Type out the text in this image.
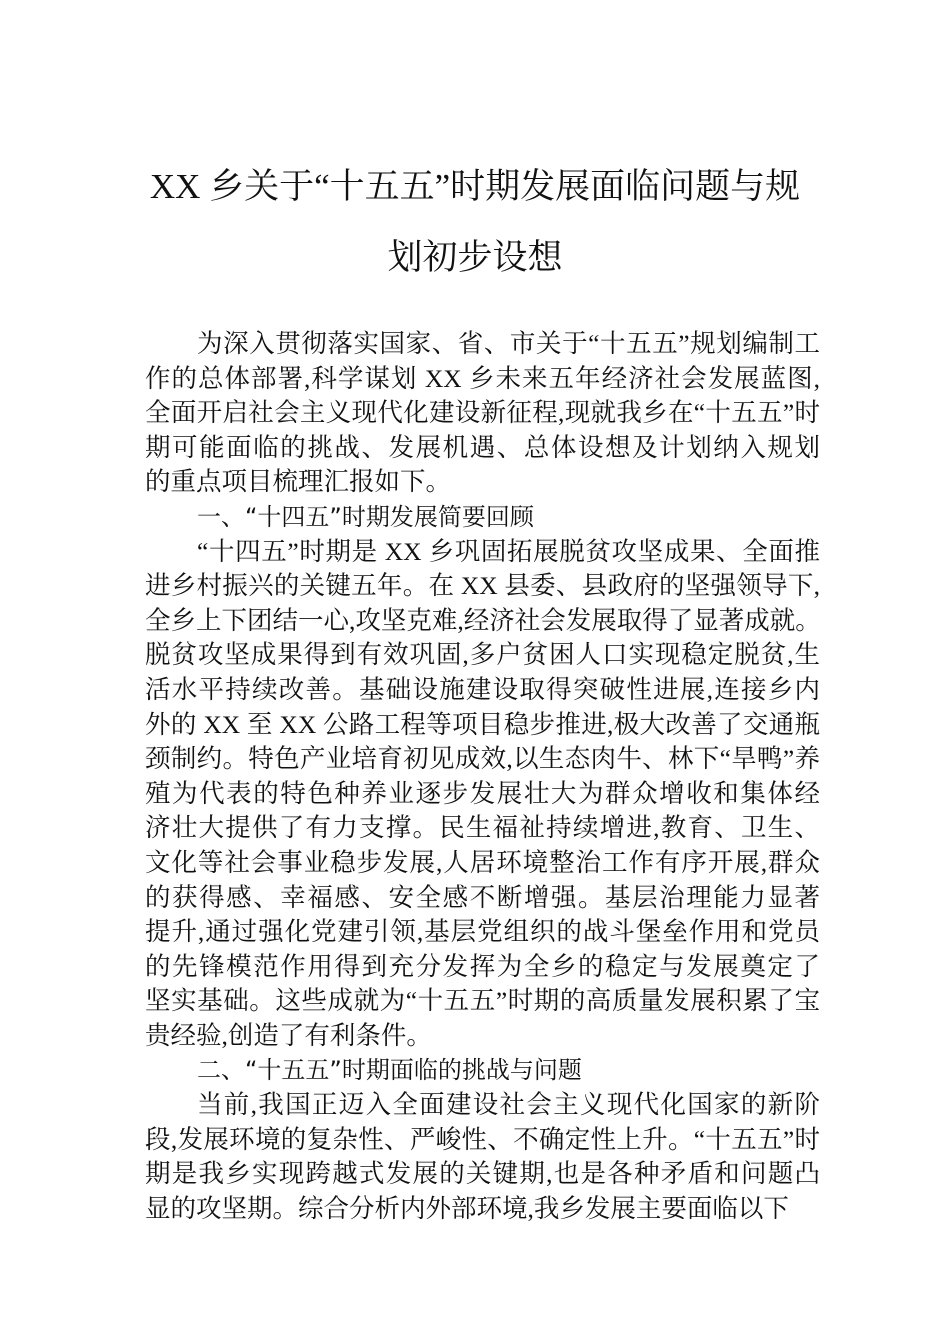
XX 乡关于“十五五”时期发展面临问题与规
划初步设想
为深入贯彻落实国家、省、市关于“十五五”规划编制工
作的总体部署,科学谋划 XX 乡未来五年经济社会发展蓝图,
全面开启社会主义现代化建设新征程,现就我乡在“十五五”时
期可能面临的挑战、发展机遇、总体设想及计划纳入规划
的重点项目梳理汇报如下。
一、“十四五”时期发展简要回顾
“十四五”时期是 XX 乡巩固拓展脱贫攻坚成果、全面推
进乡村振兴的关键五年。在 XX 县委、县政府的坚强领导下,
全乡上下团结一心,攻坚克难,经济社会发展取得了显著成就。
脱贫攻坚成果得到有效巩固,多户贫困人口实现稳定脱贫,生
活水平持续改善。基础设施建设取得突破性进展,连接乡内
外的 XX 至 XX 公路工程等项目稳步推进,极大改善了交通瓶
颈制约。特色产业培育初见成效,以生态肉牛、林下“旱鸭”养
殖为代表的特色种养业逐步发展壮大为群众增收和集体经
济壮大提供了有力支撑。民生福祉持续增进,教育、卫生、
文化等社会事业稳步发展,人居环境整治工作有序开展,群众
的获得感、幸福感、安全感不断增强。基层治理能力显著
提升,通过强化党建引领,基层党组织的战斗堡垒作用和党员
的先锋模范作用得到充分发挥为全乡的稳定与发展奠定了
坚实基础。这些成就为“十五五”时期的高质量发展积累了宝
贵经验,创造了有利条件。
二、“十五五”时期面临的挑战与问题
当前,我国正迈入全面建设社会主义现代化国家的新阶
段,发展环境的复杂性、严峻性、不确定性上升。“十五五”时
期是我乡实现跨越式发展的关键期,也是各种矛盾和问题凸
显的攻坚期。综合分析内外部环境,我乡发展主要面临以下
